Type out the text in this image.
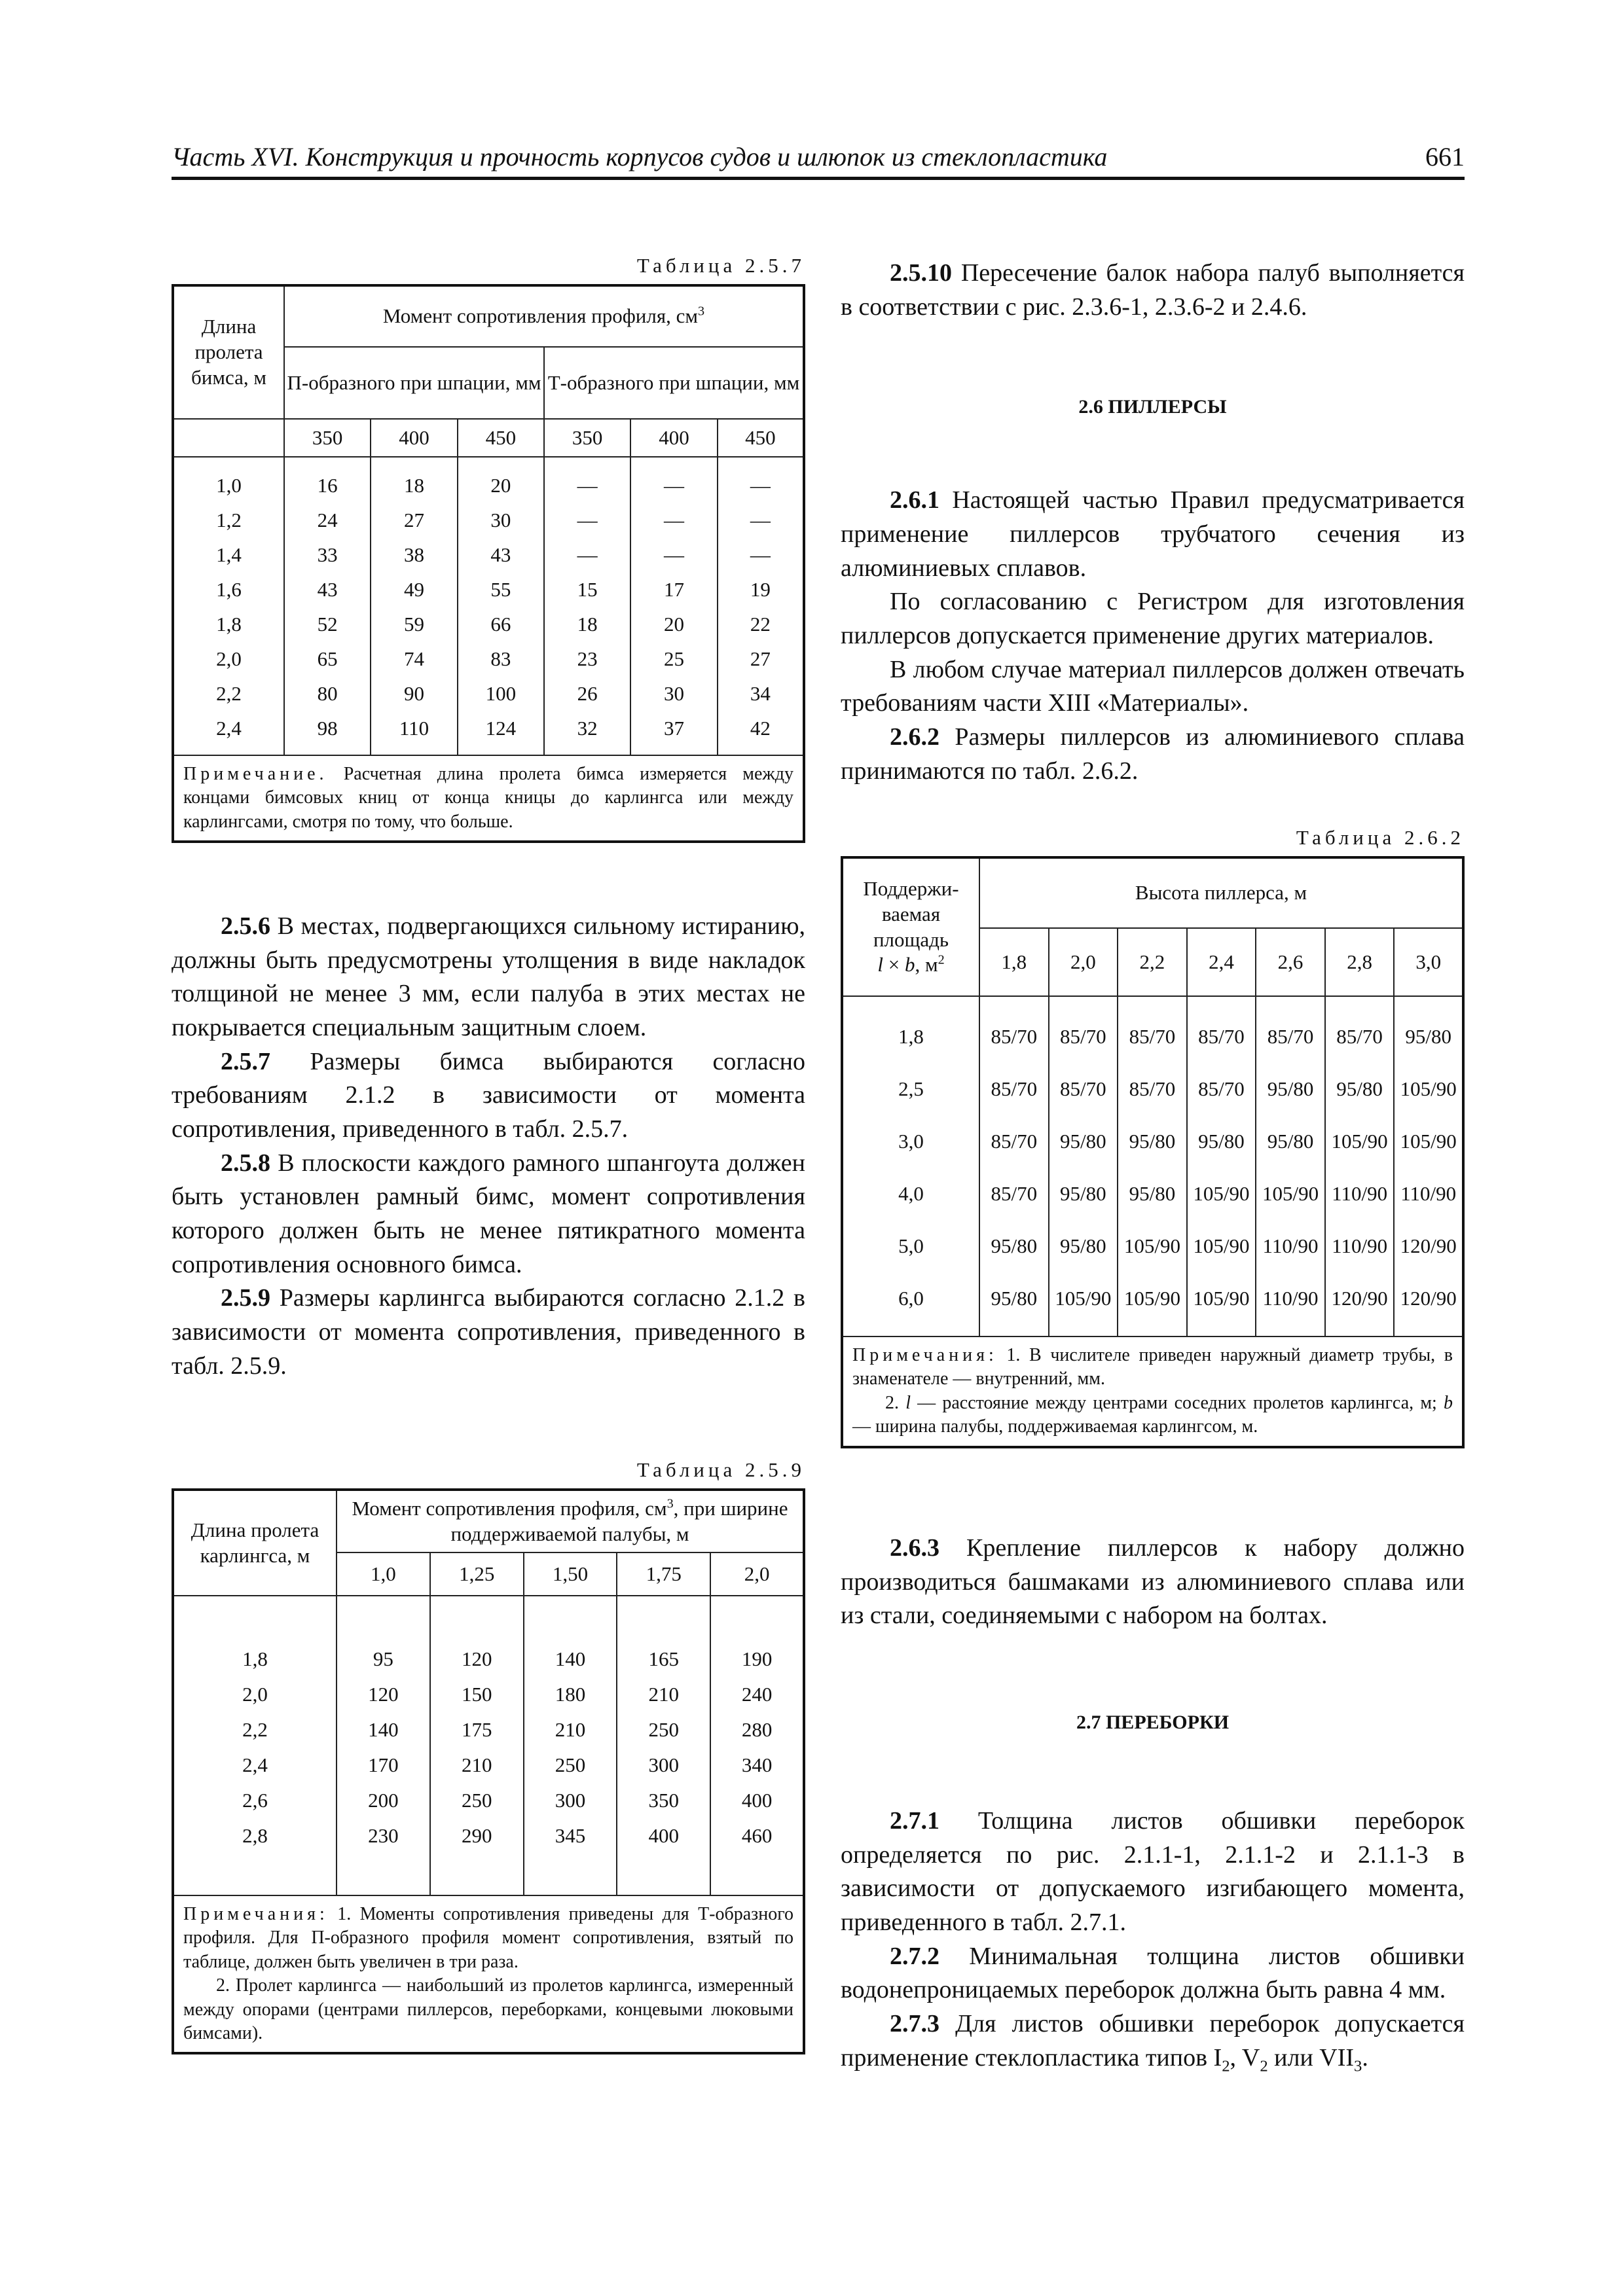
Часть XVI. Конструкция и прочность корпусов судов и шлюпок из стеклопластика	661
Таблица 2.5.7
Длина пролета бимса, м	Момент сопротивления профиля, $см^3$
	П-образного при шпации, мм			Т-образного при шпации, мм		
	350	400	450	350	400	450

1,0	16	18	20	—	—	—
1,2	24	27	30	—	—	—
1,4	33	38	43	—	—	—
1,6	43	49	55	15	17	19
1,8	52	59	66	18	20	22
2,0	65	74	83	23	25	27
2,2	80	90	100	26	30	34
2,4	98	110	124	32	37	42

Примечание. Расчетная длина пролета бимса измеряется между концами бимсовых книц от конца кницы до карлингса или между карлингсами, смотря по тому, что больше.						

2.5.6 В местах, подвергающихся сильному истиранию, должны быть предусмотрены утолщения в виде накладок толщиной не менее 3 мм, если палуба в этих местах не покрывается специальным защитным слоем.

2.5.7 Размеры бимса выбираются согласно требованиям 2.1.2 в зависимости от момента сопротивления, приведенного в табл. 2.5.7.

2.5.8 В плоскости каждого рамного шпангоута должен быть установлен рамный бимс, момент сопротивления которого должен быть не менее пятикратного момента сопротивления основного бимса.

2.5.9 Размеры карлингса выбираются согласно 2.1.2 в зависимости от момента сопротивления, приведенного в табл. 2.5.9.

Таблица 2.5.9
Длина пролета карлингса, м	Момент сопротивления профиля, $см^3$, при ширине поддерживаемой палубы, м				
	1,0	1,25	1,50	1,75	2,0

1,8	95	120	140	165	190
2,0	120	150	180	210	240
2,2	140	175	210	250	280
2,4	170	210	250	300	340
2,6	200	250	300	350	400
2,8	230	290	345	400	460

Примечания: 1. Моменты сопротивления приведены для Т-образного профиля. Для П-образного профиля момент сопротивления, взятый по таблице, должен быть увеличен в три раза.
2. Пролет карлингса — наибольший из пролетов карлингса, измеренный между опорами (центрами пиллерсов, переборками, концевыми люковыми бимсами).					

2.5.10 Пересечение балок набора палуб выполняется в соответствии с рис. 2.3.6-1, 2.3.6-2 и 2.4.6.

2.6 ПИЛЛЕРСЫ

2.6.1 Настоящей частью Правил предусматривается применение пиллерсов трубчатого сечения из алюминиевых сплавов.

По согласованию с Регистром для изготовления пиллерсов допускается применение других материалов.

В любом случае материал пиллерсов должен отвечать требованиям части XIII «Материалы».

2.6.2 Размеры пиллерсов из алюминиевого сплава принимаются по табл. 2.6.2.

Таблица 2.6.2
Поддержи-ваемая площадь
l × b, $м^2$	Высота пиллерса, м						
	1,8	2,0	2,2	2,4	2,6	2,8	3,0

1,8	85/70	85/70	85/70	85/70	85/70	85/70	95/80
2,5	85/70	85/70	85/70	85/70	95/80	95/80	105/90
3,0	85/70	95/80	95/80	95/80	95/80	105/90	105/90
4,0	85/70	95/80	95/80	105/90	105/90	110/90	110/90
5,0	95/80	95/80	105/90	105/90	110/90	110/90	120/90
6,0	95/80	105/90	105/90	105/90	110/90	120/90	120/90

Примечания: 1. В числителе приведен наружный диаметр трубы, в знаменателе — внутренний, мм.
2. l — расстояние между центрами соседних пролетов карлингса, м; b — ширина палубы, поддерживаемая карлингсом, м.							

2.6.3 Крепление пиллерсов к набору должно производиться башмаками из алюминиевого сплава или из стали, соединяемыми с набором на болтах.

2.7 ПЕРЕБОРКИ

2.7.1 Толщина листов обшивки переборок определяется по рис. 2.1.1-1, 2.1.1-2 и 2.1.1-3 в зависимости от допускаемого изгибающего момента, приведенного в табл. 2.7.1.

2.7.2 Минимальная толщина листов обшивки водонепроницаемых переборок должна быть равна 4 мм.

2.7.3 Для листов обшивки переборок допускается применение стеклопластика типов $I_2$, $V_2$ или $VII_3$.
